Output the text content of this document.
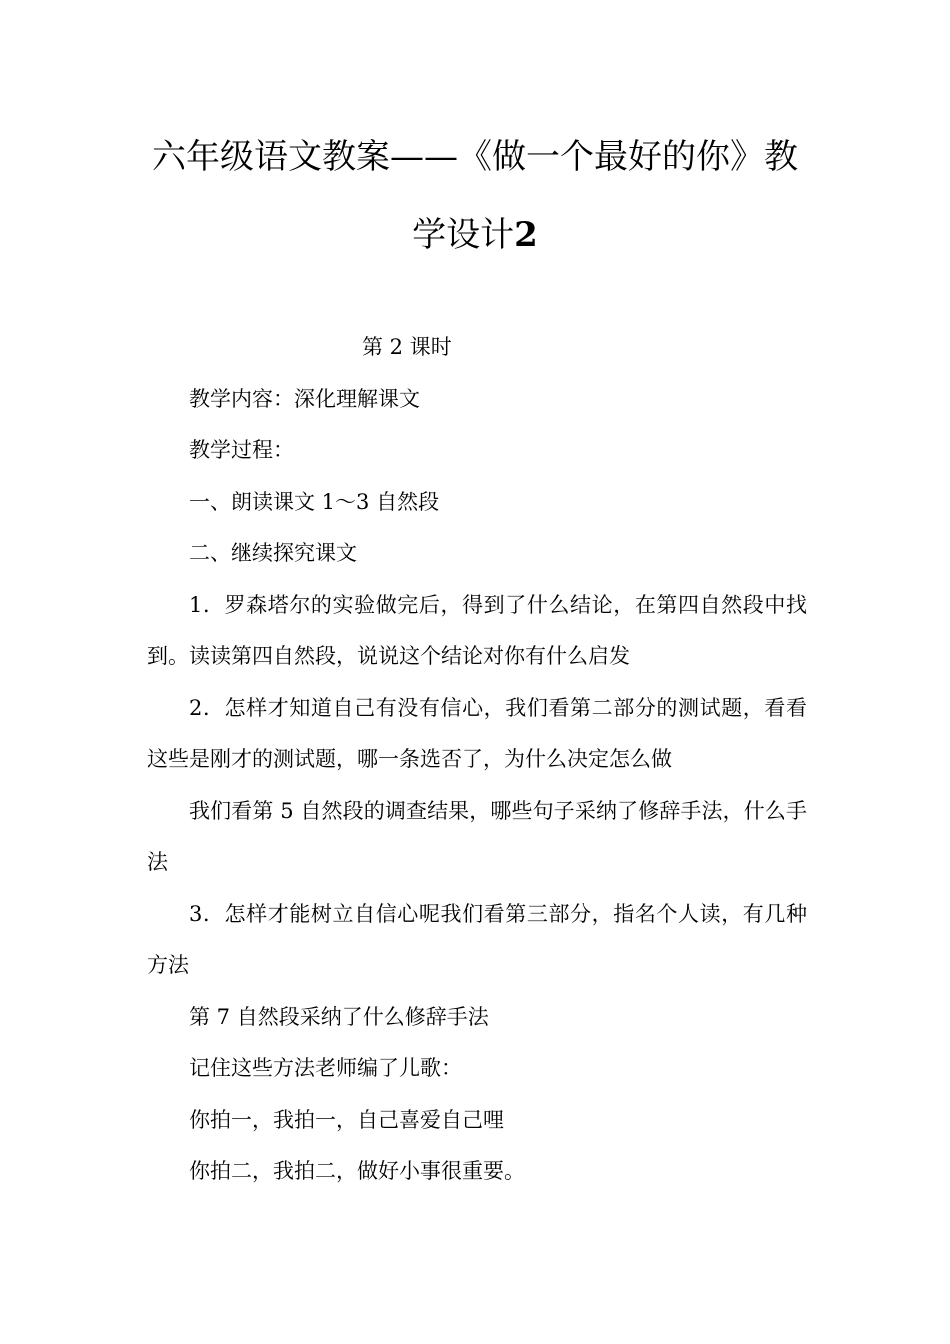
六年级语文教案——《做一个最好的你》教学设计2

第 2 课时

教学内容：深化理解课文

教学过程：

一、朗读课文 1～3 自然段

二、继续探究课文

1．罗森塔尔的实验做完后，得到了什么结论，在第四自然段中找到。读读第四自然段，说说这个结论对你有什么启发

2．怎样才知道自己有没有信心，我们看第二部分的测试题，看看这些是刚才的测试题，哪一条选否了，为什么决定怎么做

我们看第 5 自然段的调查结果，哪些句子采纳了修辞手法，什么手法

3．怎样才能树立自信心呢我们看第三部分，指名个人读，有几种方法

第 7 自然段采纳了什么修辞手法

记住这些方法老师编了儿歌：

你拍一，我拍一，自己喜爱自己哩

你拍二，我拍二，做好小事很重要。
